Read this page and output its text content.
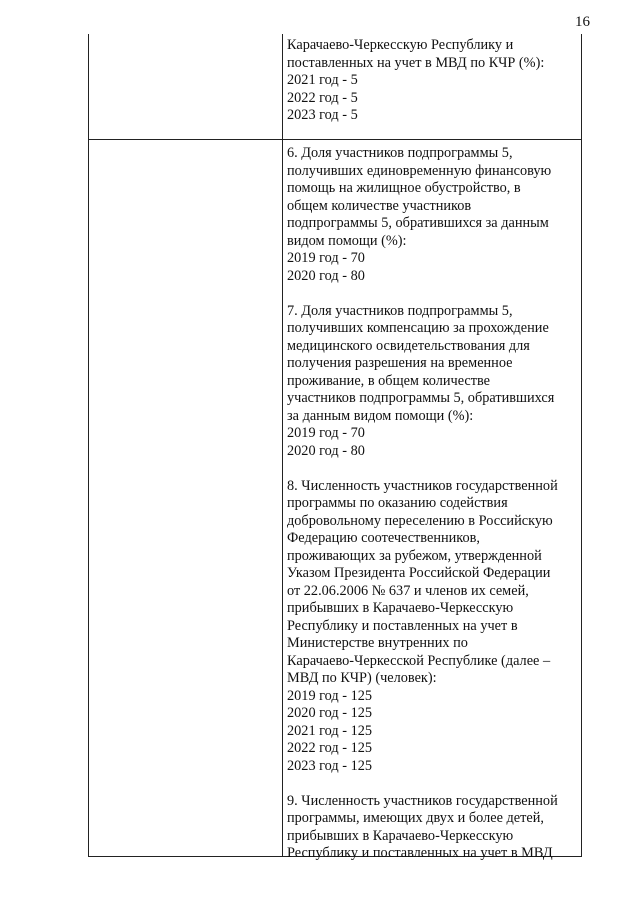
16
Карачаево-Черкесскую Республику и
поставленных на учет в МВД по КЧР (%):
2021 год - 5
2022 год - 5
2023 год - 5
6. Доля участников подпрограммы 5,
получивших единовременную финансовую
помощь на жилищное обустройство, в
общем количестве участников
подпрограммы 5, обратившихся за данным
видом помощи (%):
2019 год - 70
2020 год - 80
7. Доля участников подпрограммы 5,
получивших компенсацию за прохождение
медицинского освидетельствования для
получения разрешения на временное
проживание, в общем количестве
участников подпрограммы 5, обратившихся
за данным видом помощи (%):
2019 год - 70
2020 год - 80
8. Численность участников государственной
программы по оказанию содействия
добровольному переселению в Российскую
Федерацию соотечественников,
проживающих за рубежом, утвержденной
Указом Президента Российской Федерации
от 22.06.2006 № 637 и членов их семей,
прибывших в Карачаево-Черкесскую
Республику и поставленных на учет в
Министерстве внутренних по
Карачаево-Черкесской Республике (далее –
МВД по КЧР) (человек):
2019 год - 125
2020 год - 125
2021 год - 125
2022 год - 125
2023 год - 125
9. Численность участников государственной
программы, имеющих двух и более детей,
прибывших в Карачаево-Черкесскую
Республику и поставленных на учет в МВД
